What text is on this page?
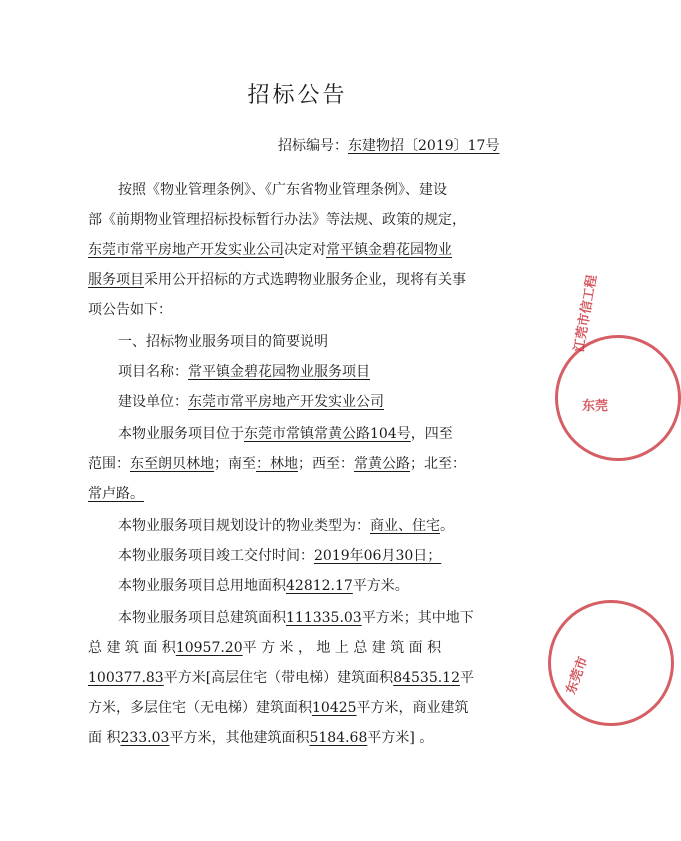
招标公告
招标编号：东建物招〔2019〕17号
按照《物业管理条例》、《广东省物业管理条例》、建设
部《前期物业管理招标投标暂行办法》等法规、政策的规定，
东莞市常平房地产开发实业公司决定对常平镇金碧花园物业
服务项目采用公开招标的方式选聘物业服务企业，现将有关事
项公告如下：
一、招标物业服务项目的简要说明
项目名称：常平镇金碧花园物业服务项目
建设单位：东莞市常平房地产开发实业公司
本物业服务项目位于东莞市常镇常黄公路104号，四至
范围：东至朗贝林地；南至：林地；西至：常黄公路；北至：
常卢路。
本物业服务项目规划设计的物业类型为：商业、住宅。
本物业服务项目竣工交付时间：2019年06月30日；
本物业服务项目总用地面积42812.17平方米。
本物业服务项目总建筑面积111335.03平方米；其中地下
总 建 筑 面 积10957.20平 方 米 ， 地 上 总 建 筑 面 积
100377.83平方米[高层住宅（带电梯）建筑面积84535.12平
方米，多层住宅（无电梯）建筑面积10425平方米，商业建筑
面 积233.03平方米，其他建筑面积5184.68平方米] 。
江莞市信工程
东莞
东莞市
